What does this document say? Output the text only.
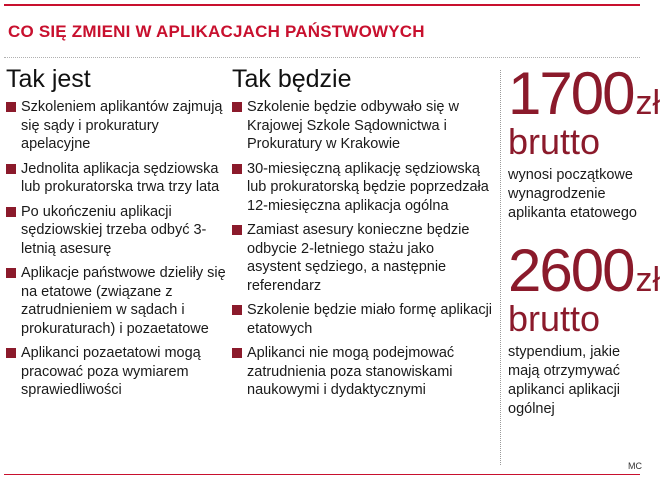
CO SIĘ ZMIENI W APLIKACJACH PAŃSTWOWYCH
Tak jest
Szkoleniem aplikantów zajmują się sądy i prokuratury apelacyjne
Jednolita aplikacja sędziowska lub prokuratorska trwa trzy lata
Po ukończeniu aplikacji sędziowskiej trzeba odbyć 3-letnią asesurę
Aplikacje państwowe dzieliły się na etatowe (związane z zatrudnieniem w sądach i prokuraturach) i pozaetatowe
Aplikanci pozaetatowi mogą pracować poza wymiarem sprawiedliwości
Tak będzie
Szkolenie będzie odbywało się w Krajowej Szkole Sądownictwa i Prokuratury w Krakowie
30-miesięczną aplikację sędziowską lub prokuratorską będzie poprzedzała 12-miesięczna aplikacja ogólna
Zamiast asesury konieczne będzie odbycie 2-letniego stażu jako asystent sędziego, a następnie referendarz
Szkolenie będzie miało formę aplikacji etatowych
Aplikanci nie mogą podejmować zatrudnienia poza stanowiskami naukowymi i dydaktycznymi
1700zł
brutto
wynosi początkowe wynagrodzenie aplikanta etatowego
2600zł
brutto
stypendium, jakie mają otrzymywać aplikanci aplikacji ogólnej
MC
